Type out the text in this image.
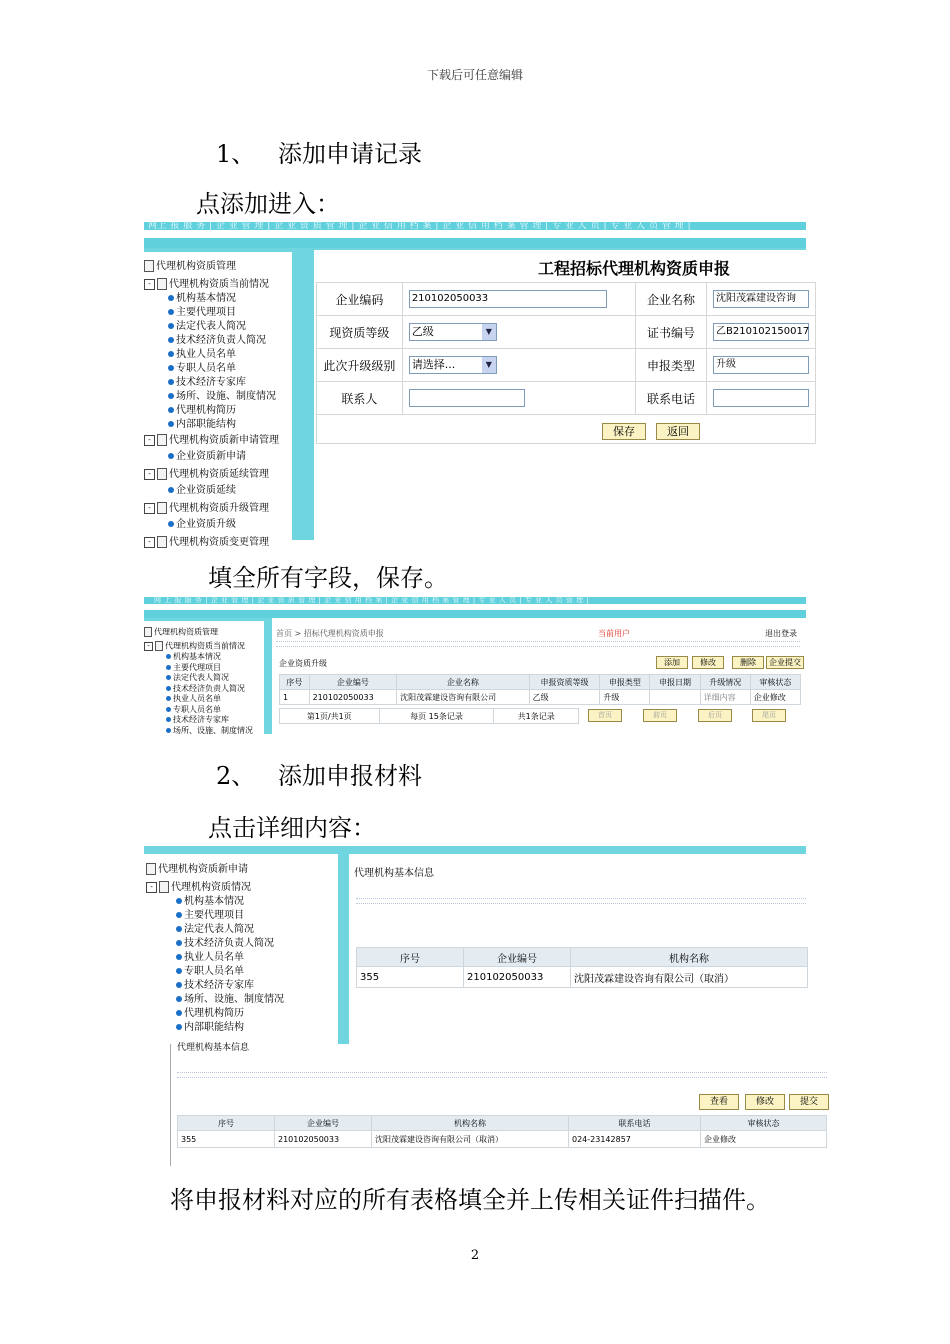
下载后可任意编辑
1、 添加申请记录
点添加进入：
网上 报 服 务 | 企 业 管 理 | 企 业 资 质 管 理 | 企 业 信 用 档 案 | 企 业 信 用 档 案 管 理 | 专 业 人 员 | 专 业 人 员 管 理 |
代理机构资质管理
- 代理机构资质当前情况
机构基本情况
主要代理项目
法定代表人简况
技术经济负责人简况
执业人员名单
专职人员名单
技术经济专家库
场所、设施、制度情况
代理机构简历
内部职能结构
- 代理机构资质新申请管理
企业资质新申请
- 代理机构资质延续管理
企业资质延续
- 代理机构资质升级管理
企业资质升级
- 代理机构资质变更管理
工程招标代理机构资质申报
企业编码	210102050033	企业名称	沈阳茂霖建设咨询
现资质等级	乙级 ▼	证书编号	乙B210102150017
此次升级级别	请选择... ▼	申报类型	升级
联系人		联系电话	

保存	返回
填全所有字段，保存。
网 上 报 服 务 | 企 业 管 理 | 企 业 资 质 管 理 | 企 业 信 用 档 案 | 企 业 信 用 档 案 管 理 | 专 业 人 员 | 专 业 人 员 管 理 |
代理机构资质管理
- 代理机构资质当前情况
机构基本情况
主要代理项目
法定代表人简况
技术经济负责人简况
执业人员名单
专职人员名单
技术经济专家库
场所、设施、制度情况
首页 > 招标代理机构资质申报	当前用户	退出登录
企业资质升级	添加	修改	删除	企业提交
序号	企业编号	企业名称	申报资质等级	申报类型	申报日期	升级情况	审核状态
1	210102050033	沈阳茂霖建设咨询有限公司	乙级	升级		详细内容	企业修改
第1页/共1页	每页 15条记录	共1条记录	首页	前页	后页	尾页
2、 添加申报材料
点击详细内容：
代理机构资质新申请
- 代理机构资质情况
机构基本情况
主要代理项目
法定代表人简况
技术经济负责人简况
执业人员名单
专职人员名单
技术经济专家库
场所、设施、制度情况
代理机构简历
内部职能结构
代理机构基本信息
序号	企业编号	机构名称
355	210102050033	沈阳茂霖建设咨询有限公司（取消）
代理机构基本信息
查看	修改	提交
序号	企业编号	机构名称	联系电话	审核状态
355	210102050033	沈阳茂霖建设咨询有限公司（取消）	024-23142857	企业修改
将申报材料对应的所有表格填全并上传相关证件扫描件。
2
